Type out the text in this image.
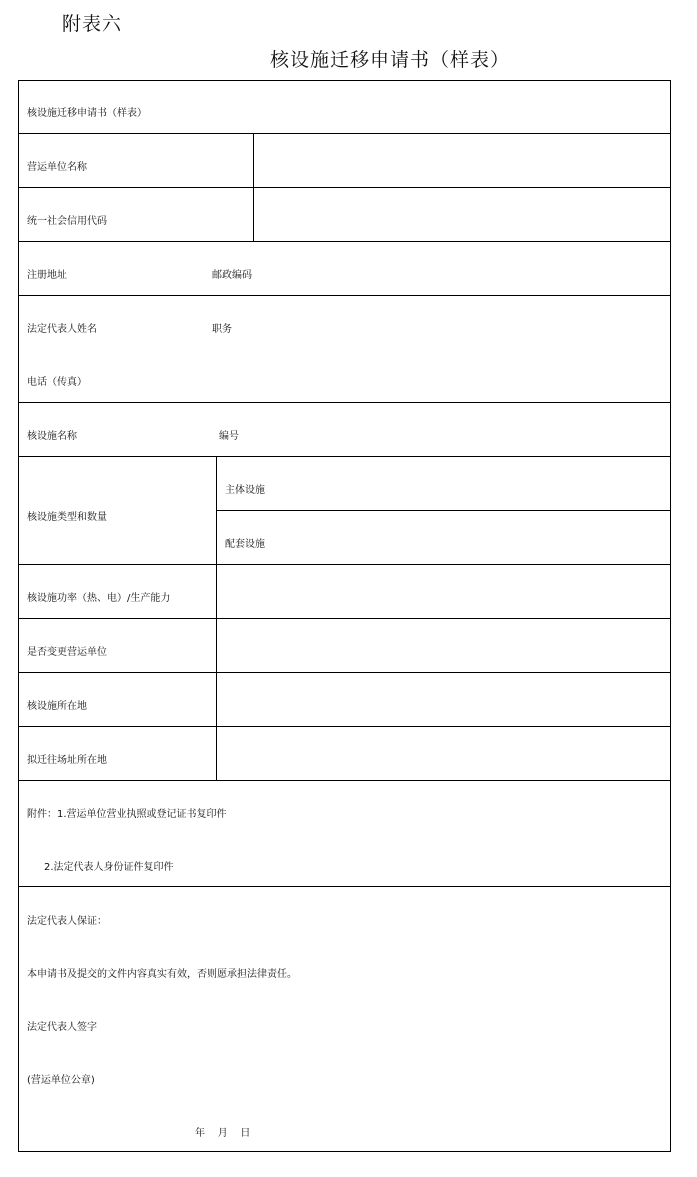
附表六
核设施迁移申请书（样表）
核设施迁移申请书（样表）
营运单位名称
统一社会信用代码
注册地址	邮政编码
法定代表人姓名	职务
电话（传真）
核设施名称	编号
核设施类型和数量
主体设施
配套设施
核设施功率（热、电）/生产能力
是否变更营运单位
核设施所在地
拟迁往场址所在地
附件：1.营运单位营业执照或登记证书复印件
2.法定代表人身份证件复印件
法定代表人保证：
本申请书及提交的文件内容真实有效，否则愿承担法律责任。
法定代表人签字
(营运单位公章)
年    月    日
